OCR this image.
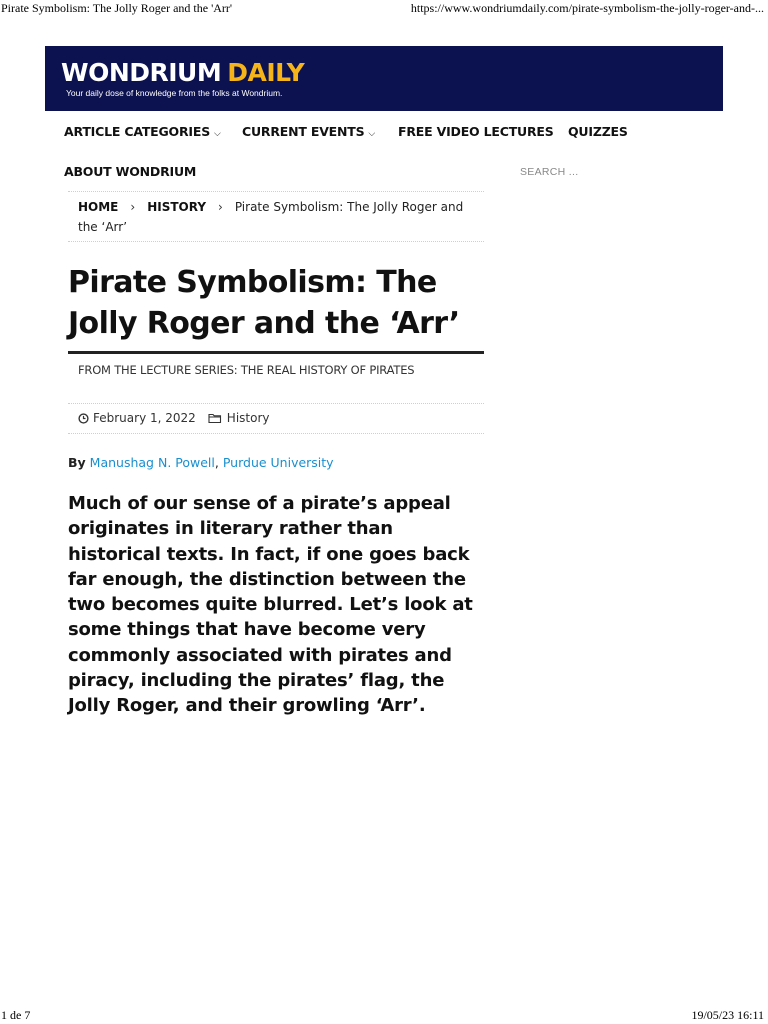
Pirate Symbolism: The Jolly Roger and the 'Arr'	https://www.wondriumdaily.com/pirate-symbolism-the-jolly-roger-and-...
WONDRIUM DAILY
Your daily dose of knowledge from the folks at Wondrium.
ARTICLE CATEGORIES ⌵ CURRENT EVENTS ⌵ FREE VIDEO LECTURES QUIZZES
ABOUT WONDRIUM
SEARCH ...
HOME › HISTORY › Pirate Symbolism: The Jolly Roger and the ‘Arr’
Pirate Symbolism: The Jolly Roger and the ‘Arr’
FROM THE LECTURE SERIES: THE REAL HISTORY OF PIRATES
February 1, 2022	History
By Manushag N. Powell, Purdue University

Much of our sense of a pirate’s appeal originates in literary rather than historical texts. In fact, if one goes back far enough, the distinction between the two becomes quite blurred. Let’s look at some things that have become very commonly associated with pirates and piracy, including the pirates’ flag, the Jolly Roger, and their growling ‘Arr’.

1 de 7	19/05/23 16:11
